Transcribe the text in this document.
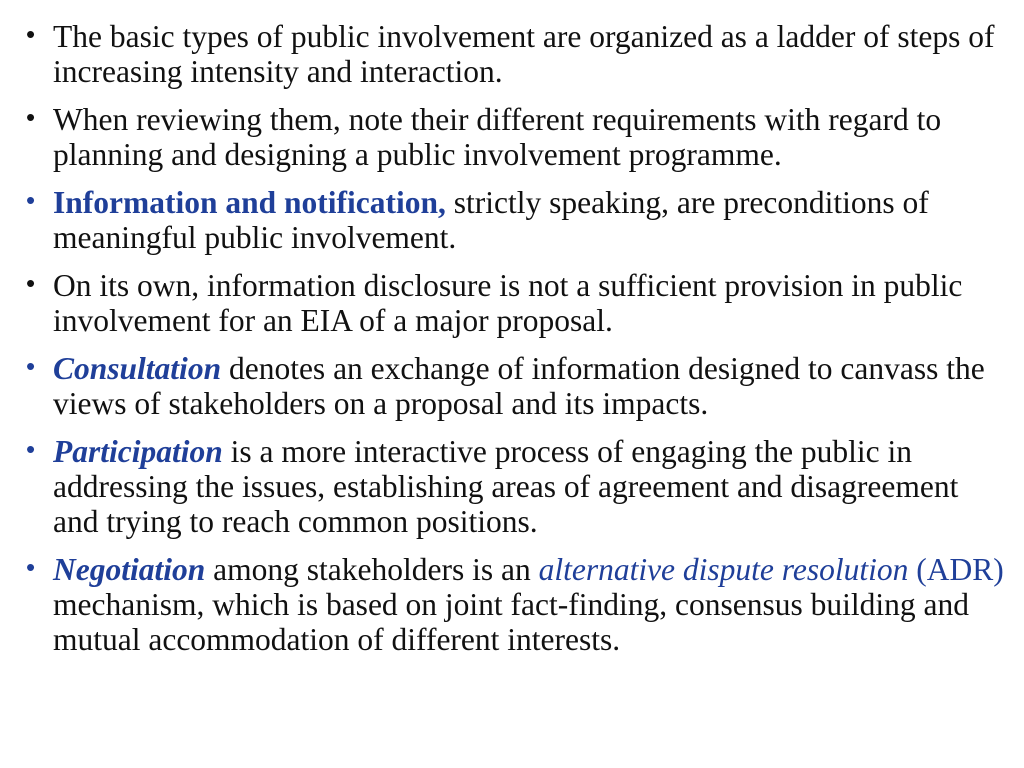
• The basic types of public involvement are organized as a ladder of steps of increasing intensity and interaction.
• When reviewing them, note their different requirements with regard to planning and designing a public involvement programme.
• Information and notification, strictly speaking, are preconditions of meaningful public involvement.
• On its own, information disclosure is not a sufficient provision in public involvement for an EIA of a major proposal.
• Consultation denotes an exchange of information designed to canvass the views of stakeholders on a proposal and its impacts.
• Participation is a more interactive process of engaging the public in addressing the issues, establishing areas of agreement and disagreement and trying to reach common positions.
• Negotiation among stakeholders is an alternative dispute resolution (ADR) mechanism, which is based on joint fact-finding, consensus building and mutual accommodation of different interests.
